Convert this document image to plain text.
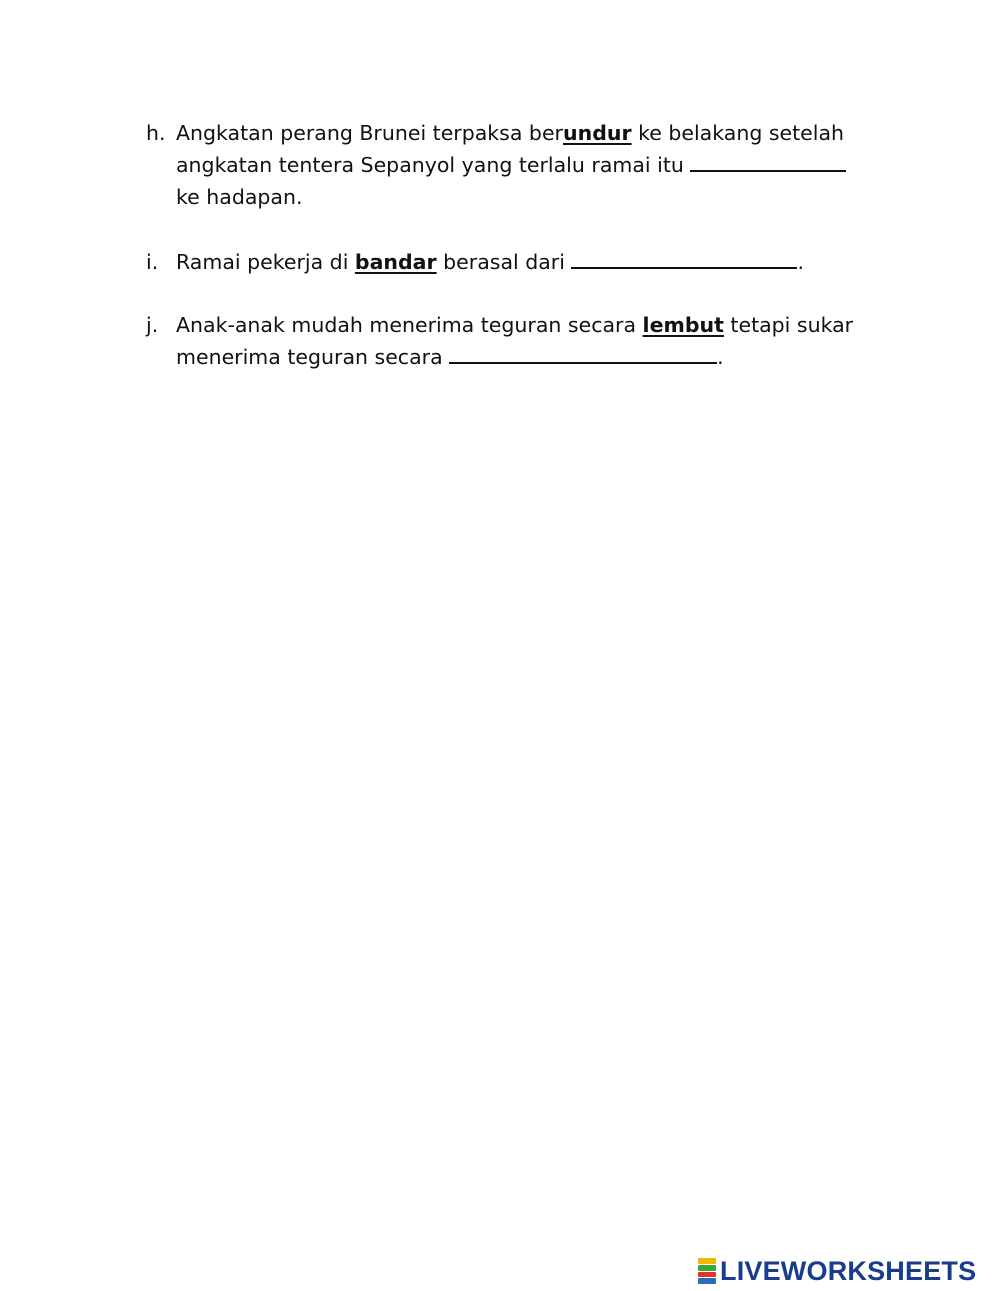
h. Angkatan perang Brunei terpaksa berundur ke belakang setelah angkatan tentera Sepanyol yang terlalu ramai itu
ke hadapan.
i. Ramai pekerja di bandar berasal dari	.
j. Anak-anak mudah menerima teguran secara lembut tetapi sukar menerima teguran secara	.
LIVEWORKSHEETS
